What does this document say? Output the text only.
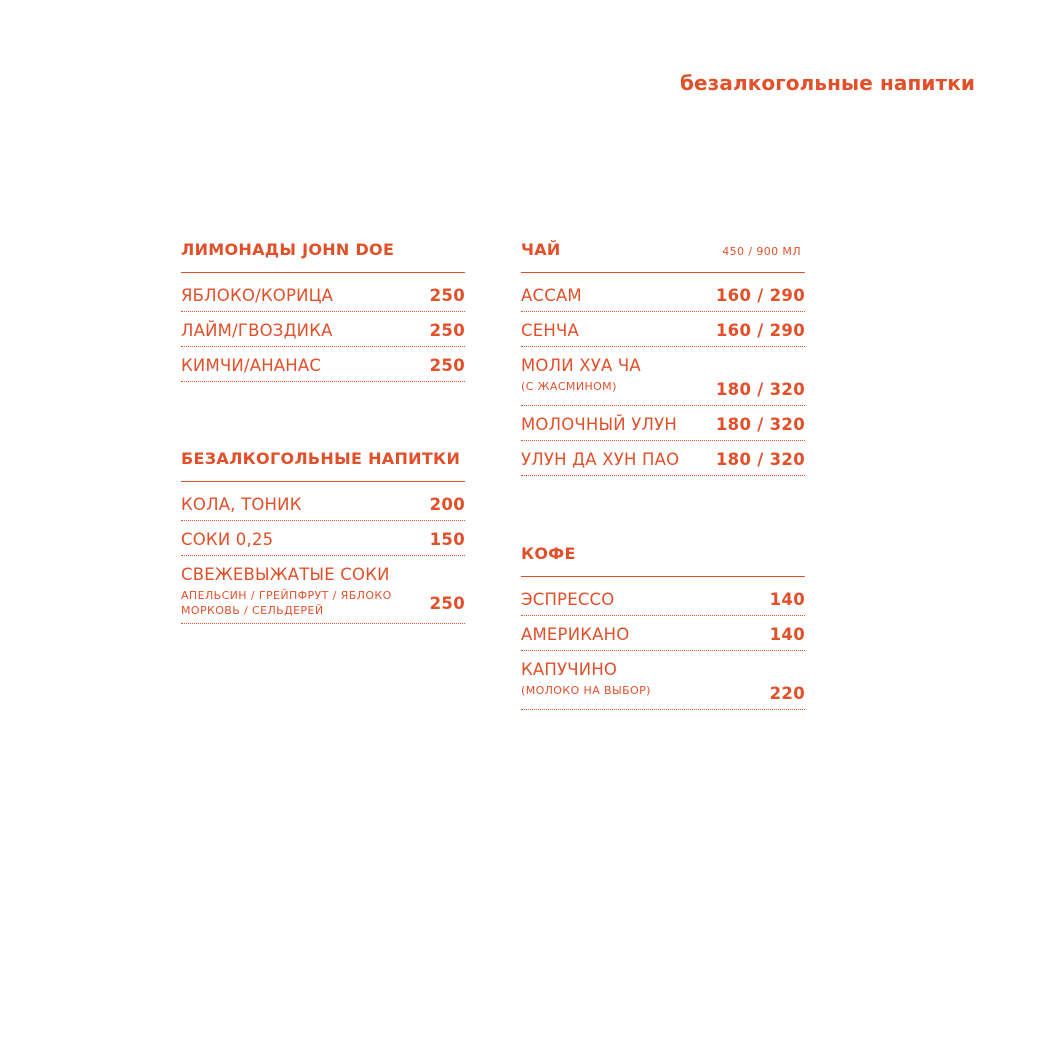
безалкогольные напитки
ЛИМОНАДЫ JOHN DOE
ЯБЛОКО/КОРИЦА	250
ЛАЙМ/ГВОЗДИКА	250
КИМЧИ/АНАНАС	250
БЕЗАЛКОГОЛЬНЫЕ НАПИТКИ
КОЛА, ТОНИК	200
СОКИ 0,25	150
СВЕЖЕВЫЖАТЫЕ СОКИ
АПЕЛЬСИН / ГРЕЙПФРУТ / ЯБЛОКО
МОРКОВЬ / СЕЛЬДЕРЕЙ	250
ЧАЙ	450 / 900 МЛ
АССАМ	160 / 290
СЕНЧА	160 / 290
МОЛИ ХУА ЧА
(С ЖАСМИНОМ)	180 / 320
МОЛОЧНЫЙ УЛУН 180 / 320
УЛУН ДА ХУН ПАО 180 / 320
КОФЕ
ЭСПРЕССО	140
АМЕРИКАНО	140
КАПУЧИНО
(МОЛОКО НА ВЫБОР)	220
